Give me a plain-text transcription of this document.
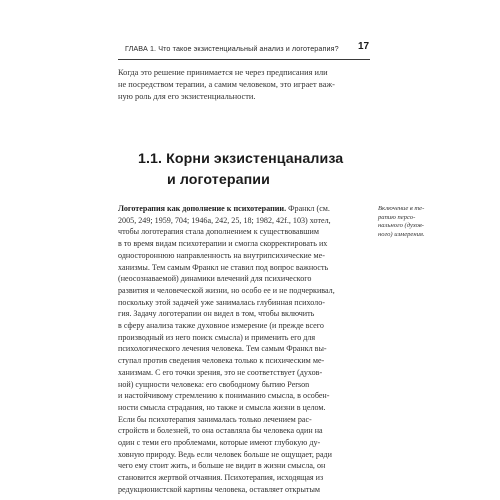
ГЛАВА 1. Что такое экзистенциальный анализ и логотерапия?	17
Когда это решение принимается не через предписания или
не посредством терапии, а самим человеком, это играет важ-
ную роль для его экзистенциальности.
1.1. Корни экзистенцанализа
и логотерапии
Логотерапия как дополнение к психотерапии. Франкл (см.
2005, 249; 1959, 704; 1946a, 242, 25, 18; 1982, 42f., 103) хотел,
чтобы логотерапия стала дополнением к существовавшим
в то время видам психотерапии и смогла скорректировать их
одностороннюю направленность на внутрипсихические ме-
ханизмы. Тем самым Франкл не ставил под вопрос важность
(неосознаваемой) динамики влечений для психического
развития и человеческой жизни, но особо ее и не подчеркивал,
поскольку этой задачей уже занималась глубинная психоло-
гия. Задачу логотерапии он видел в том, чтобы включить
в сферу анализа также духовное измерение (и прежде всего
производный из него поиск смысла) и применить его для
психологического лечения человека. Тем самым Франкл вы-
ступал против сведения человека только к психическим ме-
ханизмам. С его точки зрения, это не соответствует (духов-
ной) сущности человека: его свободному бытию Person
и настойчивому стремлению к пониманию смысла, в особен-
ности смысла страдания, но также и смысла жизни в целом.
Если бы психотерапия занималась только лечением рас-
стройств и болезней, то она оставляла бы человека один на
один с теми его проблемами, которые имеют глубокую ду-
ховную природу. Ведь если человек больше не ощущает, ради
чего ему стоит жить, и больше не видит в жизни смысла, он
становится жертвой отчаяния. Психотерапия, исходящая из
редукционистской картины человека, оставляет открытым
Включение в те-
рапию персо-
нального (духов-
ного) измерения.
